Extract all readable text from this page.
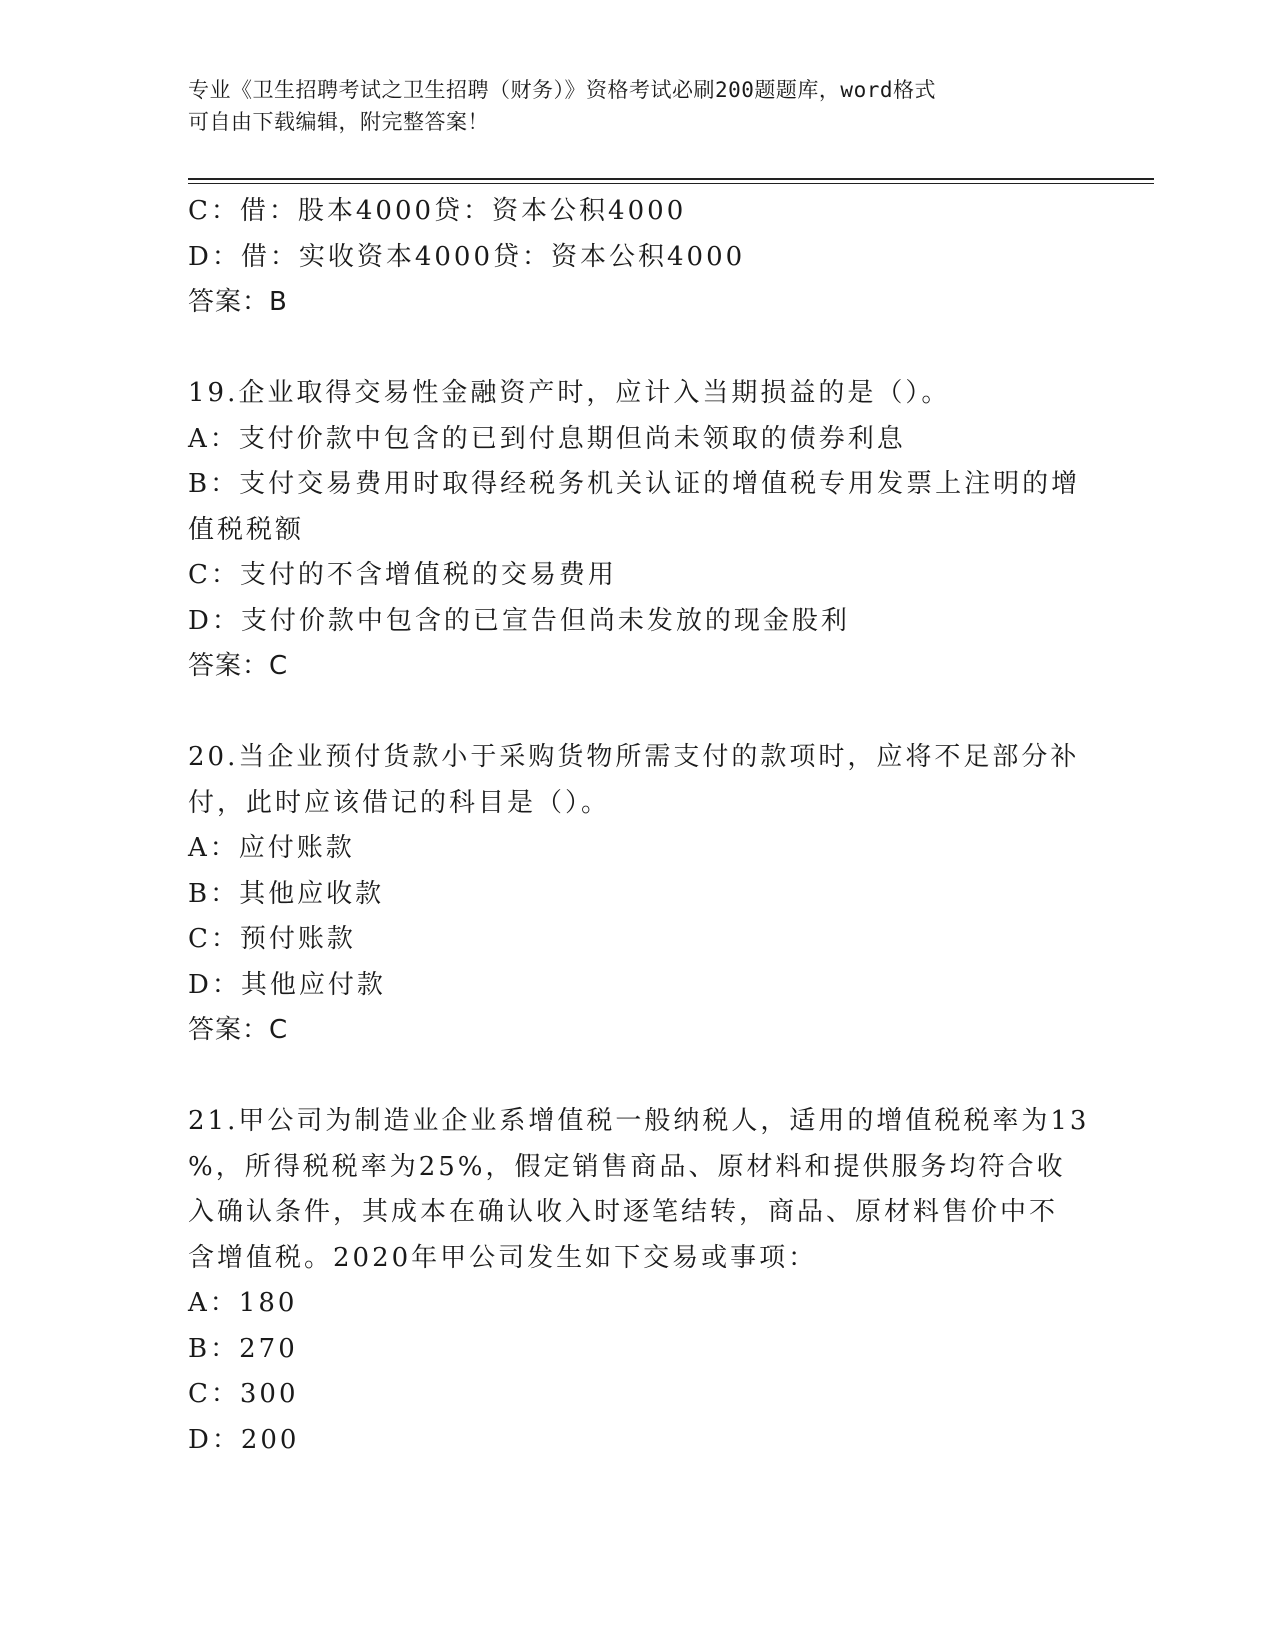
专业《卫生招聘考试之卫生招聘（财务）》资格考试必刷200题题库，word格式
可自由下载编辑，附完整答案！
C：借：股本4000贷：资本公积4000
D：借：实收资本4000贷：资本公积4000
答案：B
19.企业取得交易性金融资产时，应计入当期损益的是（）。
A：支付价款中包含的已到付息期但尚未领取的债券利息
B：支付交易费用时取得经税务机关认证的增值税专用发票上注明的增
值税税额
C：支付的不含增值税的交易费用
D：支付价款中包含的已宣告但尚未发放的现金股利
答案：C
20.当企业预付货款小于采购货物所需支付的款项时，应将不足部分补
付，此时应该借记的科目是（）。
A：应付账款
B：其他应收款
C：预付账款
D：其他应付款
答案：C
21.甲公司为制造业企业系增值税一般纳税人，适用的增值税税率为13
%，所得税税率为25%，假定销售商品、原材料和提供服务均符合收
入确认条件，其成本在确认收入时逐笔结转，商品、原材料售价中不
含增值税。2020年甲公司发生如下交易或事项：
A：180
B：270
C：300
D：200
